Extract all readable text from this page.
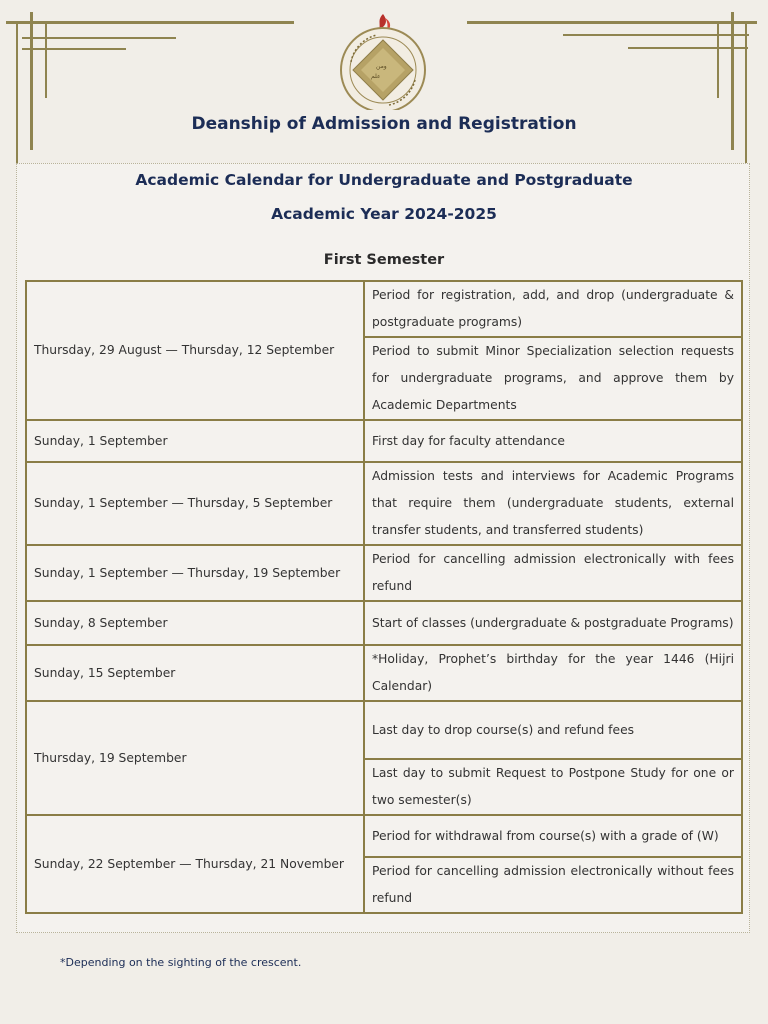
ومن
علم
Deanship of Admission and Registration
Academic Calendar for Undergraduate and Postgraduate
Academic Year 2024-2025
First Semester
Thursday, 29 August — Thursday, 12 September	Period for registration, add, and drop (undergraduate & postgraduate programs)
	Period to submit Minor Specialization selection requests for undergraduate programs, and approve them by Academic Departments
Sunday, 1 September	First day for faculty attendance
Sunday, 1 September — Thursday, 5 September	Admission tests and interviews for Academic Programs that require them (undergraduate students, external transfer students, and transferred students)
Sunday, 1 September — Thursday, 19 September	Period for cancelling admission electronically with fees refund
Sunday, 8 September	Start of classes (undergraduate & postgraduate Programs)
Sunday, 15 September	*Holiday, Prophet’s birthday for the year 1446 (Hijri Calendar)
Thursday, 19 September	Last day to drop course(s) and refund fees
	Last day to submit Request to Postpone Study for one or two semester(s)
Sunday, 22 September — Thursday, 21 November	Period for withdrawal from course(s) with a grade of (W)
	Period for cancelling admission electronically without fees refund
*Depending on the sighting of the crescent.
